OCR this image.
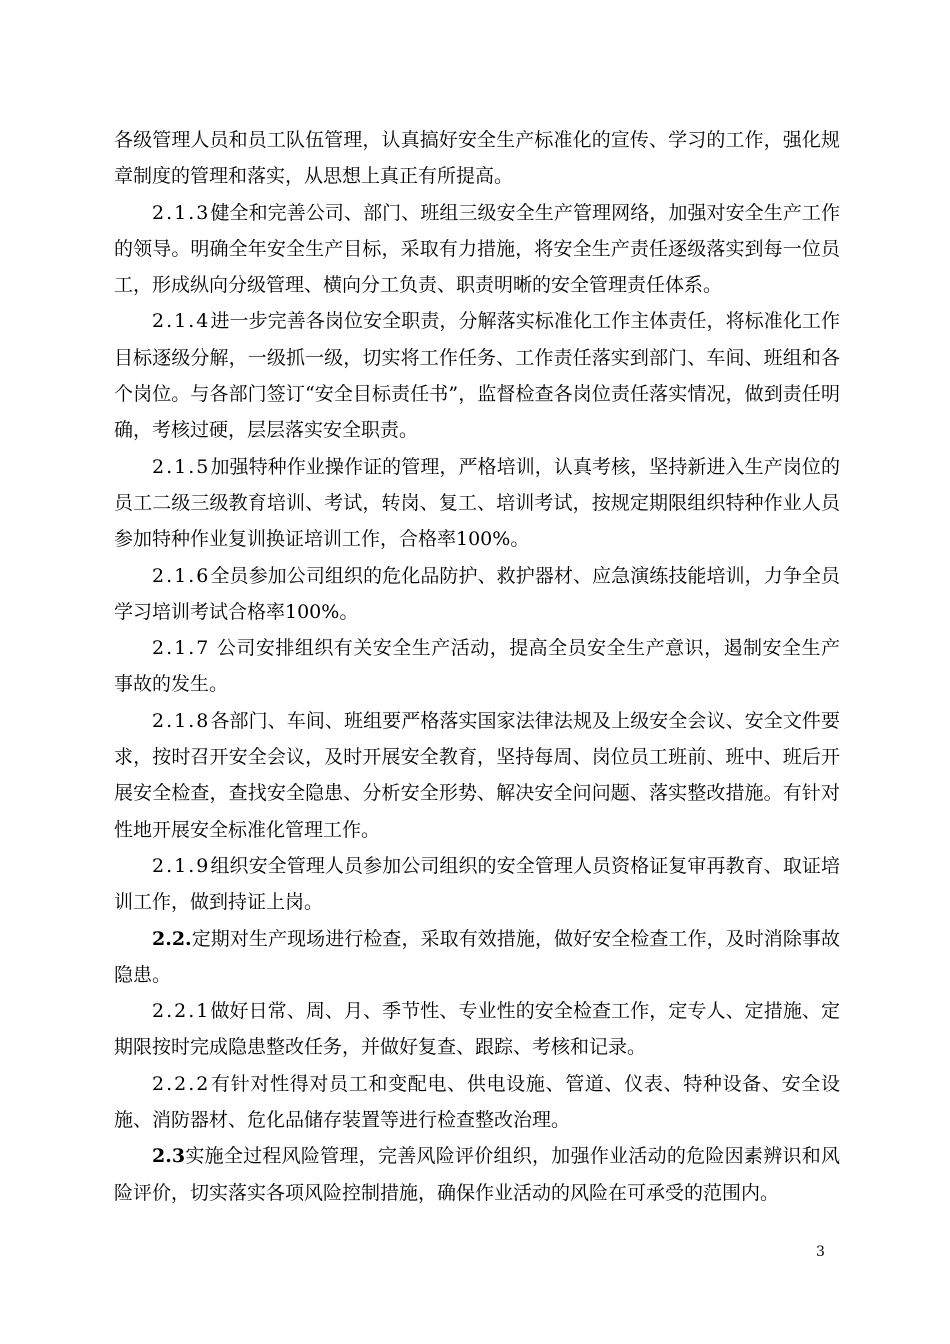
各级管理人员和员工队伍管理，认真搞好安全生产标准化的宣传、学习的工作，强化规章制度的管理和落实，从思想上真正有所提高。

2.1.3健全和完善公司、部门、班组三级安全生产管理网络，加强对安全生产工作的领导。明确全年安全生产目标，采取有力措施，将安全生产责任逐级落实到每一位员工，形成纵向分级管理、横向分工负责、职责明晰的安全管理责任体系。

2.1.4进一步完善各岗位安全职责，分解落实标准化工作主体责任，将标准化工作目标逐级分解，一级抓一级，切实将工作任务、工作责任落实到部门、车间、班组和各个岗位。与各部门签订“安全目标责任书”，监督检查各岗位责任落实情况，做到责任明确，考核过硬，层层落实安全职责。

2.1.5加强特种作业操作证的管理，严格培训，认真考核，坚持新进入生产岗位的员工二级三级教育培训、考试，转岗、复工、培训考试，按规定期限组织特种作业人员参加特种作业复训换证培训工作，合格率100%。

2.1.6全员参加公司组织的危化品防护、救护器材、应急演练技能培训，力争全员学习培训考试合格率100%。

2.1.7 公司安排组织有关安全生产活动，提高全员安全生产意识，遏制安全生产事故的发生。

2.1.8各部门、车间、班组要严格落实国家法律法规及上级安全会议、安全文件要求，按时召开安全会议，及时开展安全教育，坚持每周、岗位员工班前、班中、班后开展安全检查，查找安全隐患、分析安全形势、解决安全问问题、落实整改措施。有针对性地开展安全标准化管理工作。

2.1.9组织安全管理人员参加公司组织的安全管理人员资格证复审再教育、取证培训工作，做到持证上岗。

2.2.定期对生产现场进行检查，采取有效措施，做好安全检查工作，及时消除事故隐患。

2.2.1做好日常、周、月、季节性、专业性的安全检查工作，定专人、定措施、定期限按时完成隐患整改任务，并做好复查、跟踪、考核和记录。

2.2.2有针对性得对员工和变配电、供电设施、管道、仪表、特种设备、安全设施、消防器材、危化品储存装置等进行检查整改治理。

2.3实施全过程风险管理，完善风险评价组织，加强作业活动的危险因素辨识和风险评价，切实落实各项风险控制措施，确保作业活动的风险在可承受的范围内。

3
